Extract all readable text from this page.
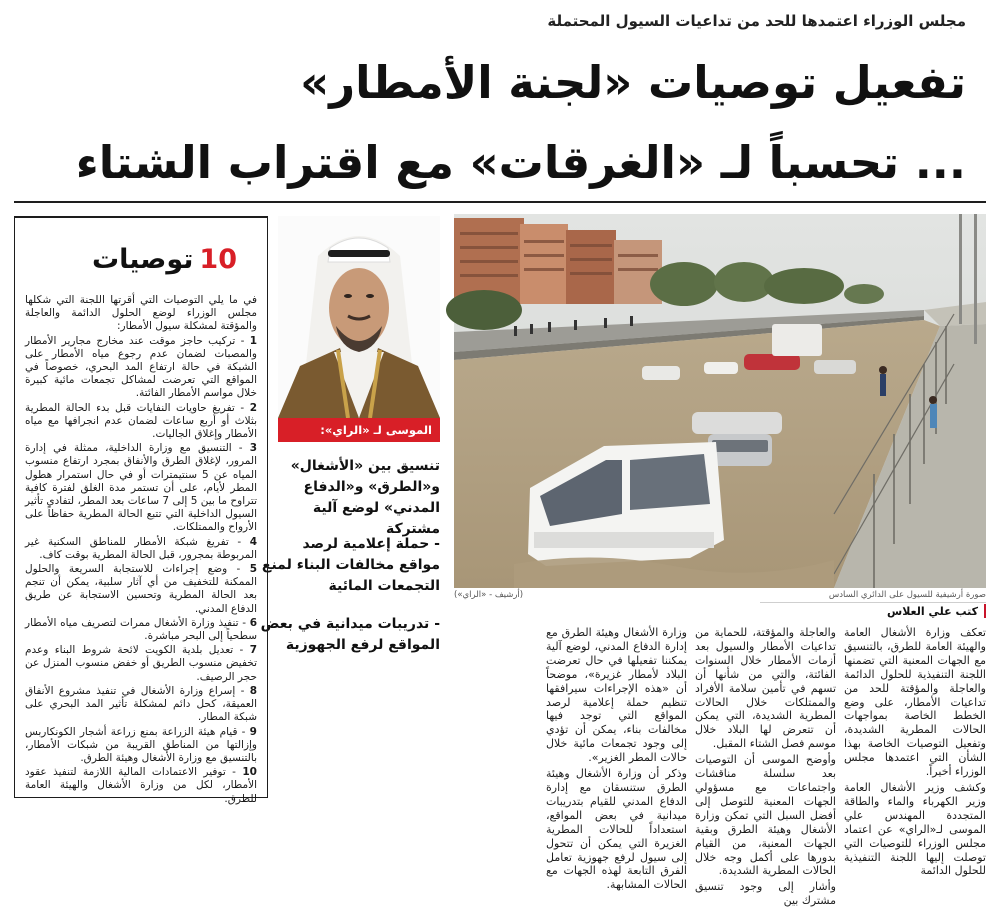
مجلس الوزراء اعتمدها للحد من تداعيات السيول المحتملة
تفعيل توصيات «لجنة الأمطار»
... تحسباً لـ «الغرقات» مع اقتراب الشتاء
صورة أرشيفية للسيول على الدائري السادس
(أرشيف - «الراي»)
كتب علي العلاس

تعكف وزارة الأشغال العامة والهيئة العامة للطرق، بالتنسيق مع الجهات المعنية التي تضمنها اللجنة التنفيذية للحلول الدائمة والعاجلة والمؤقتة للحد من تداعيات الأمطار، على وضع الخطط الخاصة بمواجهات الحالات المطرية الشديدة، وتفعيل التوصيات الخاصة بهذا الشأن التي اعتمدها مجلس الوزراء أخيراً.

وكشف وزير الأشغال العامة وزير الكهرباء والماء والطاقة المتجددة المهندس علي الموسى لـ«الراي» عن اعتماد مجلس الوزراء للتوصيات التي توصلت إليها اللجنة التنفيذية للحلول الدائمة

والعاجلة والمؤقتة، للحماية من تداعيات الأمطار والسيول بعد أزمات الأمطار خلال السنوات الفائتة، والتي من شأنها أن تسهم في تأمين سلامة الأفراد والممتلكات خلال الحالات المطرية الشديدة، التي يمكن أن تتعرض لها البلاد خلال موسم فصل الشتاء المقبل.

وأوضح الموسى أن التوصيات بعد سلسلة مناقشات واجتماعات مع مسؤولي الجهات المعنية للتوصل إلى أفضل السبل التي تمكن وزارة الأشغال وهيئة الطرق وبقية الجهات المعنية، من القيام بدورها على أكمل وجه خلال الحالات المطرية الشديدة.

وأشار إلى وجود تنسيق مشترك بين

وزارة الأشغال وهيئة الطرق مع إدارة الدفاع المدني، لوضع آلية يمكننا تفعيلها في حال تعرضت البلاد لأمطار غزيرة»، موضحاً أن «هذه الإجراءات سيرافقها تنظيم حملة إعلامية لرصد المواقع التي توجد فيها مخالفات بناء، يمكن أن تؤدي إلى وجود تجمعات مائية خلال حالات المطر الغزير».

وذكر أن وزارة الأشغال وهيئة الطرق ستنسقان مع إدارة الدفاع المدني للقيام بتدريبات ميدانية في بعض المواقع، استعداداً للحالات المطرية الغزيرة التي يمكن أن تتحول إلى سيول لرفع جهوزية تعامل الفرق التابعة لهذه الجهات مع الحالات المشابهة.

الموسى لـ «الراي»:
تنسيق بين «الأشغال» و«الطرق» و«الدفاع المدني» لوضع آلية مشتركة
- حملة إعلامية لرصد مواقع مخالفات البناء لمنع التجمعات المائية
- تدريبات ميدانية في بعض المواقع لرفع الجهوزية
10توصيات

في ما يلي التوصيات التي أقرتها اللجنة التي شكلها مجلس الوزراء لوضع الحلول الدائمة والعاجلة والمؤقتة لمشكلة سيول الأمطار:

1 - تركيب حاجز موقت عند مخارج مجارير الأمطار والمصبات لضمان عدم رجوع مياه الأمطار على الشبكة في حالة ارتفاع المد البحري، خصوصاً في المواقع التي تعرضت لمشاكل تجمعات مائية كبيرة خلال مواسم الأمطار الفائتة.

2 - تفريغ حاويات النفايات قبل بدء الحالة المطرية بثلاث أو أربع ساعات لضمان عدم انجرافها مع مياه الأمطار وإغلاق الجاليات.

3 - التنسيق مع وزارة الداخلية، ممثلة في إدارة المرور، لإغلاق الطرق والأنفاق بمجرد ارتفاع منسوب المياه عن 5 سنتيمترات أو في حال استمرار هطول المطر لأيام، على أن تستمر مدة الغلق لفترة كافية تتراوح ما بين 5 إلى 7 ساعات بعد المطر، لتفادي تأثير السيول الداخلية التي تتبع الحالة المطرية حفاظاً على الأرواح والممتلكات.

4 - تفريغ شبكة الأمطار للمناطق السكنية غير المربوطة بمجرور، قبل الحالة المطرية بوقت كاف.

5 - وضع إجراءات للاستجابة السريعة والحلول الممكنة للتخفيف من أي آثار سلبية، يمكن أن تنجم بعد الحالة المطرية وتحسين الاستجابة عن طريق الدفاع المدني.

6 - تنفيذ وزارة الأشغال ممرات لتصريف مياه الأمطار سطحياً إلى البحر مباشرة.

7 - تعديل بلدية الكويت لائحة شروط البناء وعدم تخفيض منسوب الطريق أو خفض منسوب المنزل عن حجر الرصيف.

8 - إسراع وزارة الأشغال في تنفيذ مشروع الأنفاق العميقة، كحل دائم لمشكلة تأثير المد البحري على شبكة المطار.

9 - قيام هيئة الزراعة بمنع زراعة أشجار الكونكاربس وإزالتها من المناطق القريبة من شبكات الأمطار، بالتنسيق مع وزارة الأشغال وهيئة الطرق.

10 - توفير الاعتمادات المالية اللازمة لتنفيذ عقود الأمطار، لكل من وزارة الأشغال والهيئة العامة للطرق.
